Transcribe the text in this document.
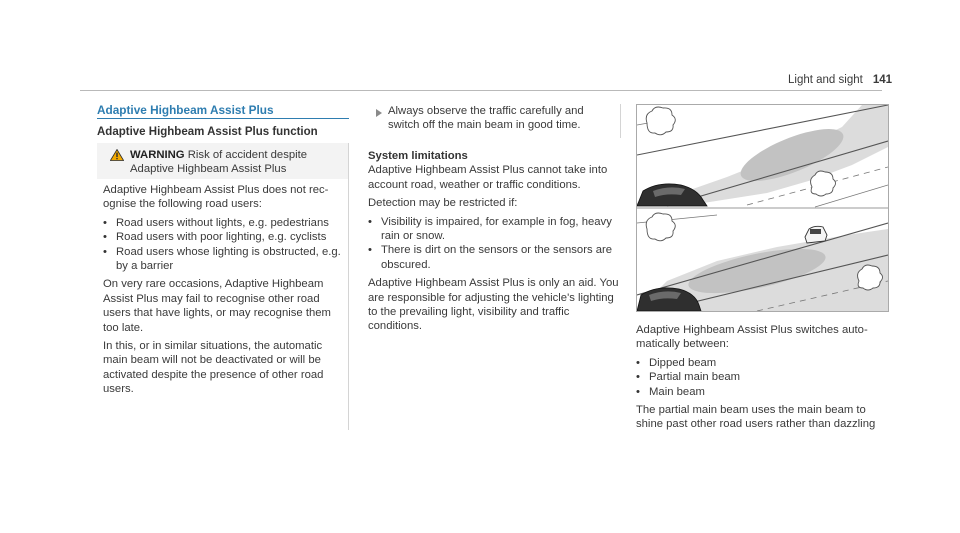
Light and sight 141
Adaptive Highbeam Assist Plus
Adaptive Highbeam Assist Plus function
WARNING Risk of accident despite Adaptive Highbeam Assist Plus

Adaptive Highbeam Assist Plus does not recognise the following road users:

• Road users without lights, e.g. pedestrians
• Road users with poor lighting, e.g. cyclists
• Road users whose lighting is obstructed, e.g. by a barrier

On very rare occasions, Adaptive Highbeam Assist Plus may fail to recognise other road users that have lights, or may recognise them too late.

In this, or in similar situations, the automatic main beam will not be deactivated or will be activated despite the presence of other road users.

Always observe the traffic carefully and switch off the main beam in good time.
System limitations

Adaptive Highbeam Assist Plus cannot take into account road, weather or traffic conditions.

Detection may be restricted if:

• Visibility is impaired, for example in fog, heavy rain or snow.
• There is dirt on the sensors or the sensors are obscured.

Adaptive Highbeam Assist Plus is only an aid. You are responsible for adjusting the vehicle's lighting to the prevailing light, visibility and traffic conditions.	Adaptive Highbeam Assist Plus switches automatically between:

• Dipped beam
• Partial main beam
• Main beam

The partial main beam uses the main beam to shine past other road users rather than dazzling
